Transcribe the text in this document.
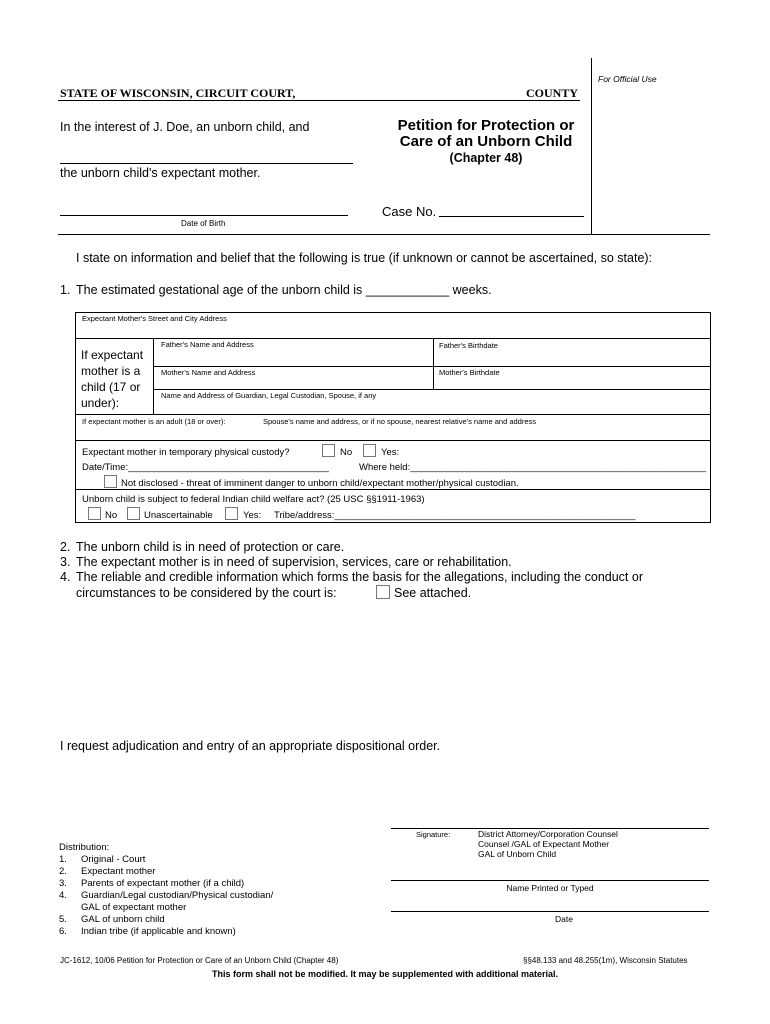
For Official Use
STATE OF WISCONSIN, CIRCUIT COURT,	COUNTY
In the interest of J. Doe, an unborn child, and
the unborn child's expectant mother.
Date of Birth
Petition for Protection or
Care of an Unborn Child
(Chapter 48)
Case No.
I state on information and belief that the following is true (if unknown or cannot be ascertained, so state):
1. The estimated gestational age of the unborn child is ____________ weeks.
Expectant Mother's Street and City Address
If expectant
mother is a
child (17 or
under):
Father's Name and Address	Father's Birthdate
Mother's Name and Address	Mother's Birthdate
Name and Address of Guardian, Legal Custodian, Spouse, if any
If expectant mother is an adult (18 or over):	Spouse's name and address, or if no spouse, nearest relative's name and address
Expectant mother in temporary physical custody?	No	Yes:
Date/Time:______________________________________	Where held:________________________________________________________
Not disclosed - threat of imminent danger to unborn child/expectant mother/physical custodian.
Unborn child is subject to federal Indian child welfare act? (25 USC §§1911-1963)
No	Unascertainable	Yes: Tribe/address:_________________________________________________________
2. The unborn child is in need of protection or care.
3. The expectant mother is in need of supervision, services, care or rehabilitation.
4. The reliable and credible information which forms the basis for the allegations, including the conduct or
circumstances to be considered by the court is:	See attached.
I request adjudication and entry of an appropriate dispositional order.
Signature:	District Attorney/Corporation Counsel
Counsel /GAL of Expectant Mother
GAL of Unborn Child
Name Printed or Typed
Date
Distribution:
1.	Original - Court
2.	Expectant mother
3.	Parents of expectant mother (if a child)
4.	Guardian/Legal custodian/Physical custodian/
GAL of expectant mother
5.	GAL of unborn child
6.	Indian tribe (if applicable and known)
JC-1612, 10/06 Petition for Protection or Care of an Unborn Child (Chapter 48)	§§48.133 and 48.255(1m), Wisconsin Statutes
This form shall not be modified. It may be supplemented with additional material.
